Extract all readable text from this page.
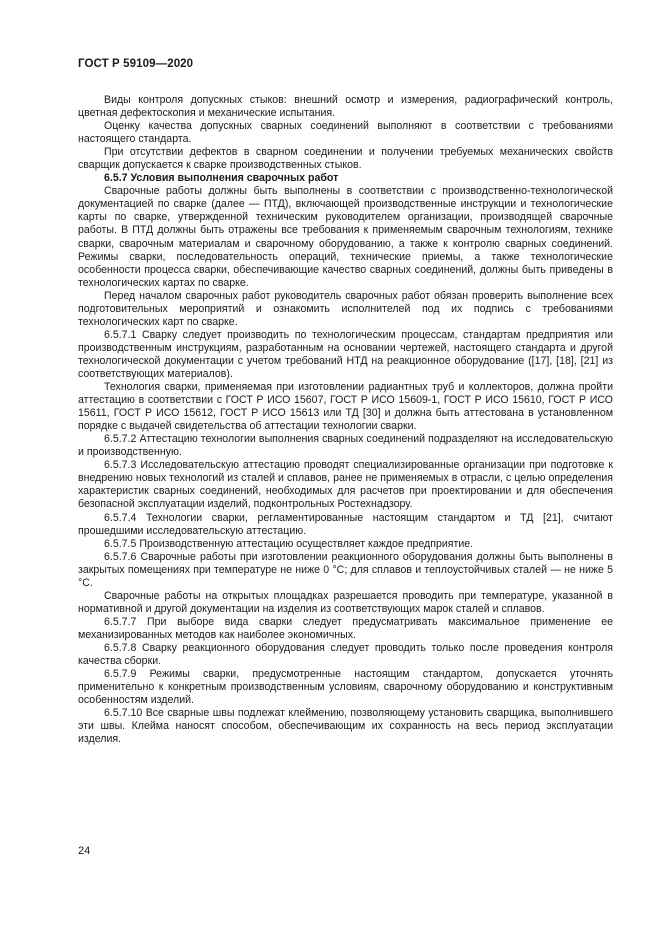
ГОСТ Р 59109—2020

Виды контроля допускных стыков: внешний осмотр и измерения, радиографический контроль, цветная дефектоскопия и механические испытания.

Оценку качества допускных сварных соединений выполняют в соответствии с требованиями настоящего стандарта.

При отсутствии дефектов в сварном соединении и получении требуемых механических свойств сварщик допускается к сварке производственных стыков.

6.5.7 Условия выполнения сварочных работ

Сварочные работы должны быть выполнены в соответствии с производственно-технологической документацией по сварке (далее — ПТД), включающей производственные инструкции и технологические карты по сварке, утвержденной техническим руководителем организации, производящей сварочные работы. В ПТД должны быть отражены все требования к применяемым сварочным технологиям, технике сварки, сварочным материалам и сварочному оборудованию, а также к контролю сварных соединений. Режимы сварки, последовательность операций, технические приемы, а также технологические особенности процесса сварки, обеспечивающие качество сварных соединений, должны быть приведены в технологических картах по сварке.

Перед началом сварочных работ руководитель сварочных работ обязан проверить выполнение всех подготовительных мероприятий и ознакомить исполнителей под их подпись с требованиями технологических карт по сварке.

6.5.7.1 Сварку следует производить по технологическим процессам, стандартам предприятия или производственным инструкциям, разработанным на основании чертежей, настоящего стандарта и другой технологической документации с учетом требований НТД на реакционное оборудование ([17], [18], [21] из соответствующих материалов).

Технология сварки, применяемая при изготовлении радиантных труб и коллекторов, должна пройти аттестацию в соответствии с ГОСТ Р ИСО 15607, ГОСТ Р ИСО 15609-1, ГОСТ Р ИСО 15610, ГОСТ Р ИСО 15611, ГОСТ Р ИСО 15612, ГОСТ Р ИСО 15613 или ТД [30] и должна быть аттестована в установленном порядке с выдачей свидетельства об аттестации технологии сварки.

6.5.7.2 Аттестацию технологии выполнения сварных соединений подразделяют на исследовательскую и производственную.

6.5.7.3 Исследовательскую аттестацию проводят специализированные организации при подготовке к внедрению новых технологий из сталей и сплавов, ранее не применяемых в отрасли, с целью определения характеристик сварных соединений, необходимых для расчетов при проектировании и для обеспечения безопасной эксплуатации изделий, подконтрольных Ростехнадзору.

6.5.7.4 Технологии сварки, регламентированные настоящим стандартом и ТД [21], считают прошедшими исследовательскую аттестацию.

6.5.7.5 Производственную аттестацию осуществляет каждое предприятие.

6.5.7.6 Сварочные работы при изготовлении реакционного оборудования должны быть выполнены в закрытых помещениях при температуре не ниже 0 °С; для сплавов и теплоустойчивых сталей — не ниже 5 °С.

Сварочные работы на открытых площадках разрешается проводить при температуре, указанной в нормативной и другой документации на изделия из соответствующих марок сталей и сплавов.

6.5.7.7 При выборе вида сварки следует предусматривать максимальное применение ее механизированных методов как наиболее экономичных.

6.5.7.8 Сварку реакционного оборудования следует проводить только после проведения контроля качества сборки.

6.5.7.9 Режимы сварки, предусмотренные настоящим стандартом, допускается уточнять применительно к конкретным производственным условиям, сварочному оборудованию и конструктивным особенностям изделий.

6.5.7.10 Все сварные швы подлежат клеймению, позволяющему установить сварщика, выполнившего эти швы. Клейма наносят способом, обеспечивающим их сохранность на весь период эксплуатации изделия.

24
